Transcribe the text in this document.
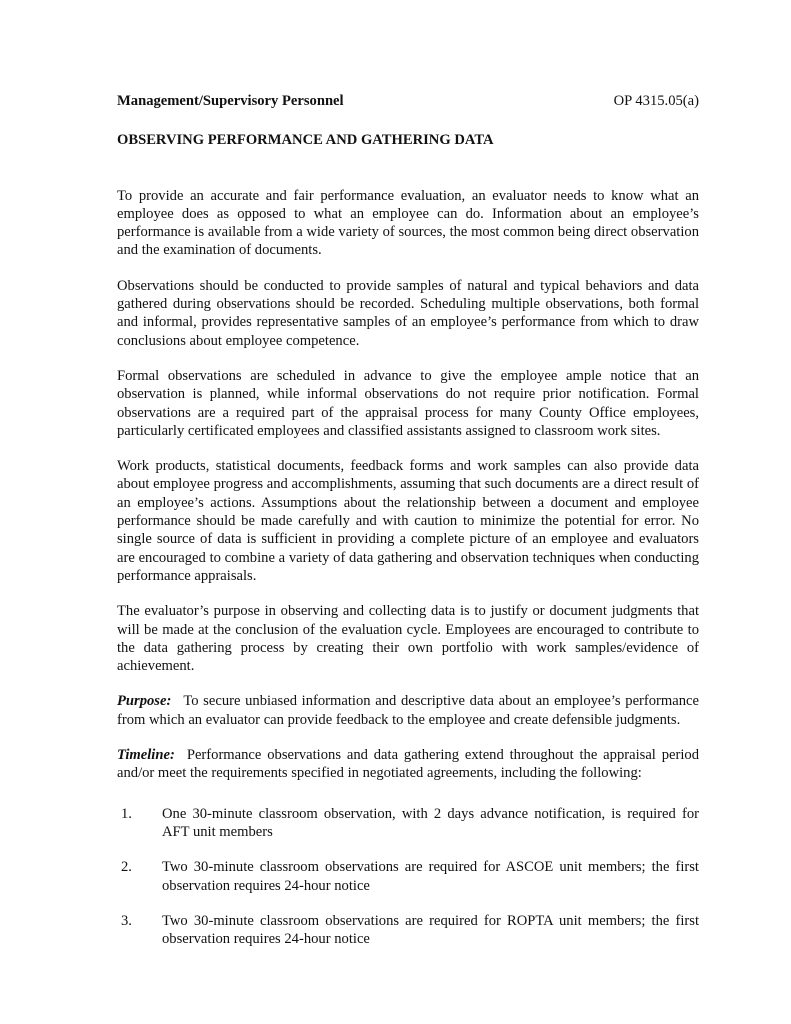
Management/Supervisory Personnel	OP 4315.05(a)
OBSERVING PERFORMANCE AND GATHERING DATA

To provide an accurate and fair performance evaluation, an evaluator needs to know what an employee does as opposed to what an employee can do. Information about an employee’s performance is available from a wide variety of sources, the most common being direct observation and the examination of documents.

Observations should be conducted to provide samples of natural and typical behaviors and data gathered during observations should be recorded. Scheduling multiple observations, both formal and informal, provides representative samples of an employee’s performance from which to draw conclusions about employee competence.

Formal observations are scheduled in advance to give the employee ample notice that an observation is planned, while informal observations do not require prior notification. Formal observations are a required part of the appraisal process for many County Office employees, particularly certificated employees and classified assistants assigned to classroom work sites.

Work products, statistical documents, feedback forms and work samples can also provide data about employee progress and accomplishments, assuming that such documents are a direct result of an employee’s actions. Assumptions about the relationship between a document and employee performance should be made carefully and with caution to minimize the potential for error. No single source of data is sufficient in providing a complete picture of an employee and evaluators are encouraged to combine a variety of data gathering and observation techniques when conducting performance appraisals.

The evaluator’s purpose in observing and collecting data is to justify or document judgments that will be made at the conclusion of the evaluation cycle. Employees are encouraged to contribute to the data gathering process by creating their own portfolio with work samples/evidence of achievement.

Purpose: To secure unbiased information and descriptive data about an employee’s performance from which an evaluator can provide feedback to the employee and create defensible judgments.

Timeline: Performance observations and data gathering extend throughout the appraisal period and/or meet the requirements specified in negotiated agreements, including the following:

1.	One 30-minute classroom observation, with 2 days advance notification, is required for AFT unit members
2.	Two 30-minute classroom observations are required for ASCOE unit members; the first observation requires 24-hour notice
3.	Two 30-minute classroom observations are required for ROPTA unit members; the first observation requires 24-hour notice
